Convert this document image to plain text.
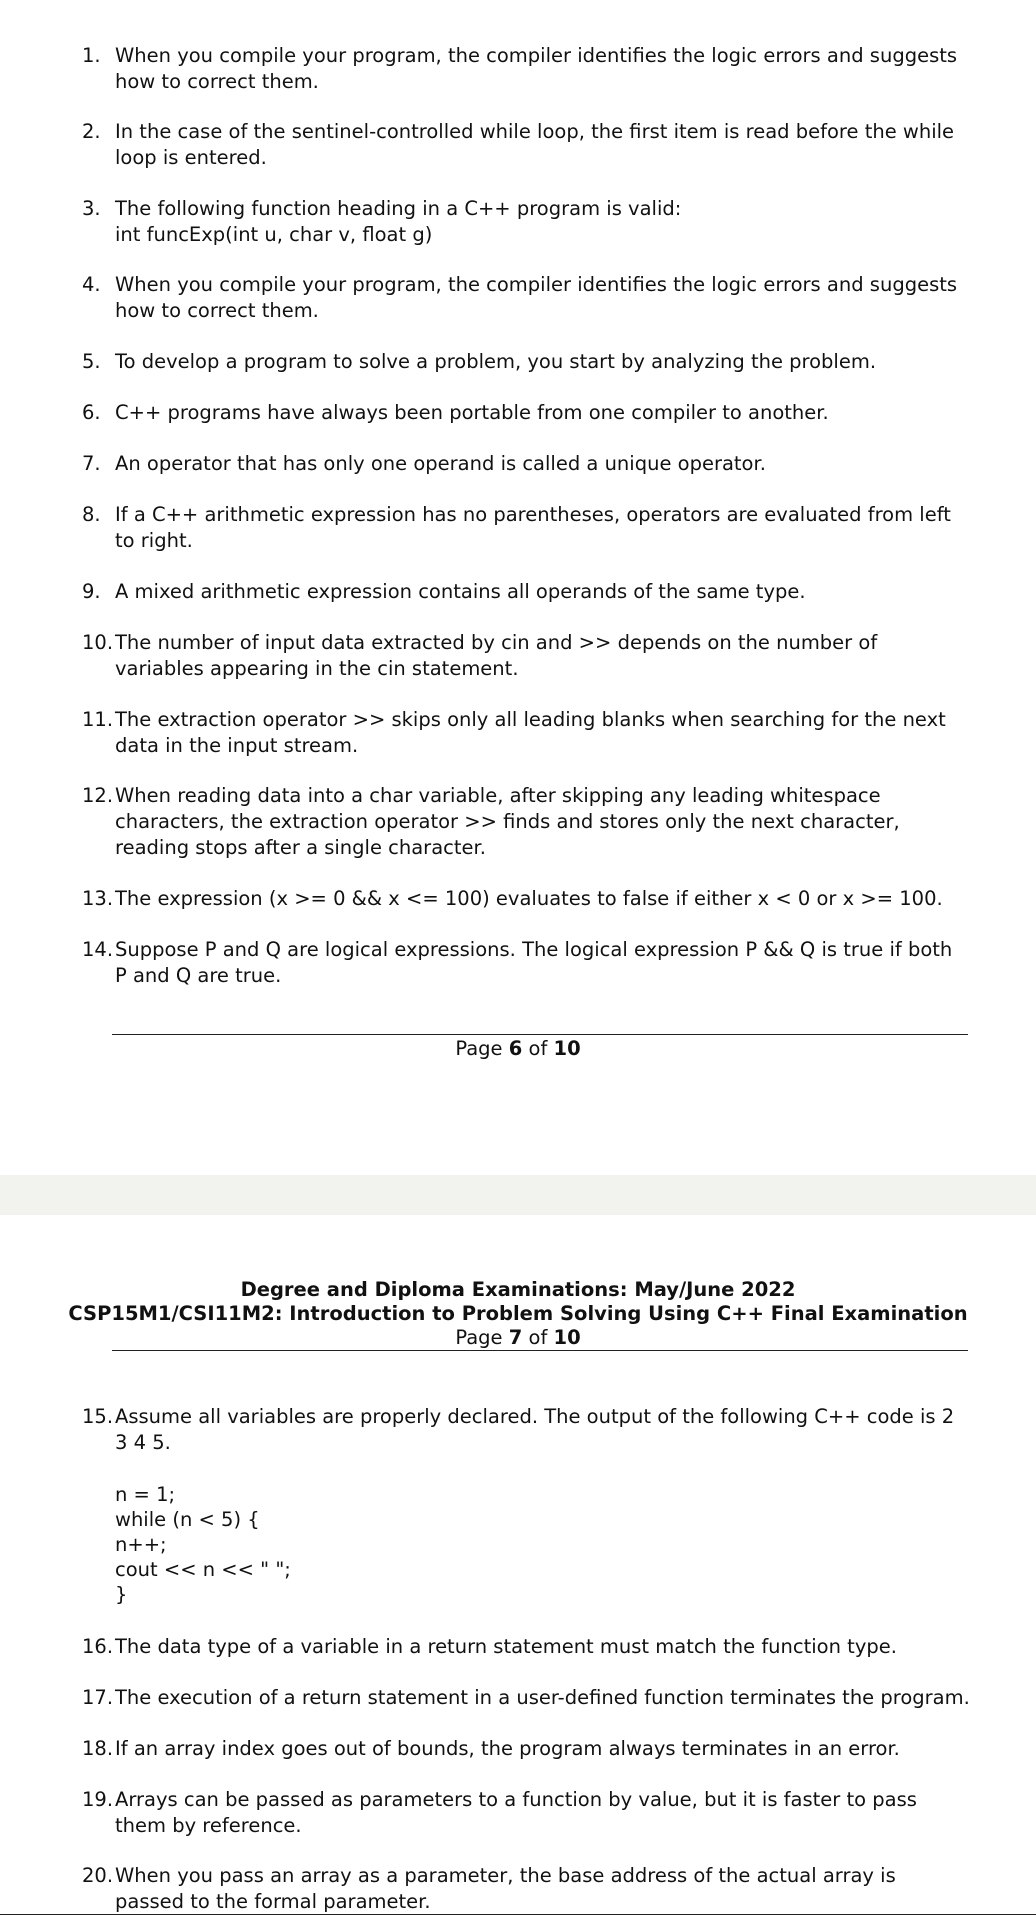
1. When you compile your program, the compiler identifies the logic errors and suggests how to correct them.
2. In the case of the sentinel-controlled while loop, the first item is read before the while loop is entered.
3. The following function heading in a C++ program is valid:
int funcExp(int u, char v, float g)
4. When you compile your program, the compiler identifies the logic errors and suggests how to correct them.
5. To develop a program to solve a problem, you start by analyzing the problem.
6. C++ programs have always been portable from one compiler to another.
7. An operator that has only one operand is called a unique operator.
8. If a C++ arithmetic expression has no parentheses, operators are evaluated from left to right.
9. A mixed arithmetic expression contains all operands of the same type.
10. The number of input data extracted by cin and >> depends on the number of variables appearing in the cin statement.
11. The extraction operator >> skips only all leading blanks when searching for the next data in the input stream.
12. When reading data into a char variable, after skipping any leading whitespace characters, the extraction operator >> finds and stores only the next character, reading stops after a single character.
13. The expression (x >= 0 && x <= 100) evaluates to false if either x < 0 or x >= 100.
14. Suppose P and Q are logical expressions. The logical expression P && Q is true if both P and Q are true.
Page 6 of 10
Degree and Diploma Examinations: May/June 2022
CSP15M1/CSI11M2: Introduction to Problem Solving Using C++ Final Examination
Page 7 of 10
15. Assume all variables are properly declared. The output of the following C++ code is 2 3 4 5.
n = 1;
while (n < 5) {
n++;
cout << n << " ";
}
16. The data type of a variable in a return statement must match the function type.
17. The execution of a return statement in a user-defined function terminates the program.
18. If an array index goes out of bounds, the program always terminates in an error.
19. Arrays can be passed as parameters to a function by value, but it is faster to pass them by reference.
20. When you pass an array as a parameter, the base address of the actual array is passed to the formal parameter.
